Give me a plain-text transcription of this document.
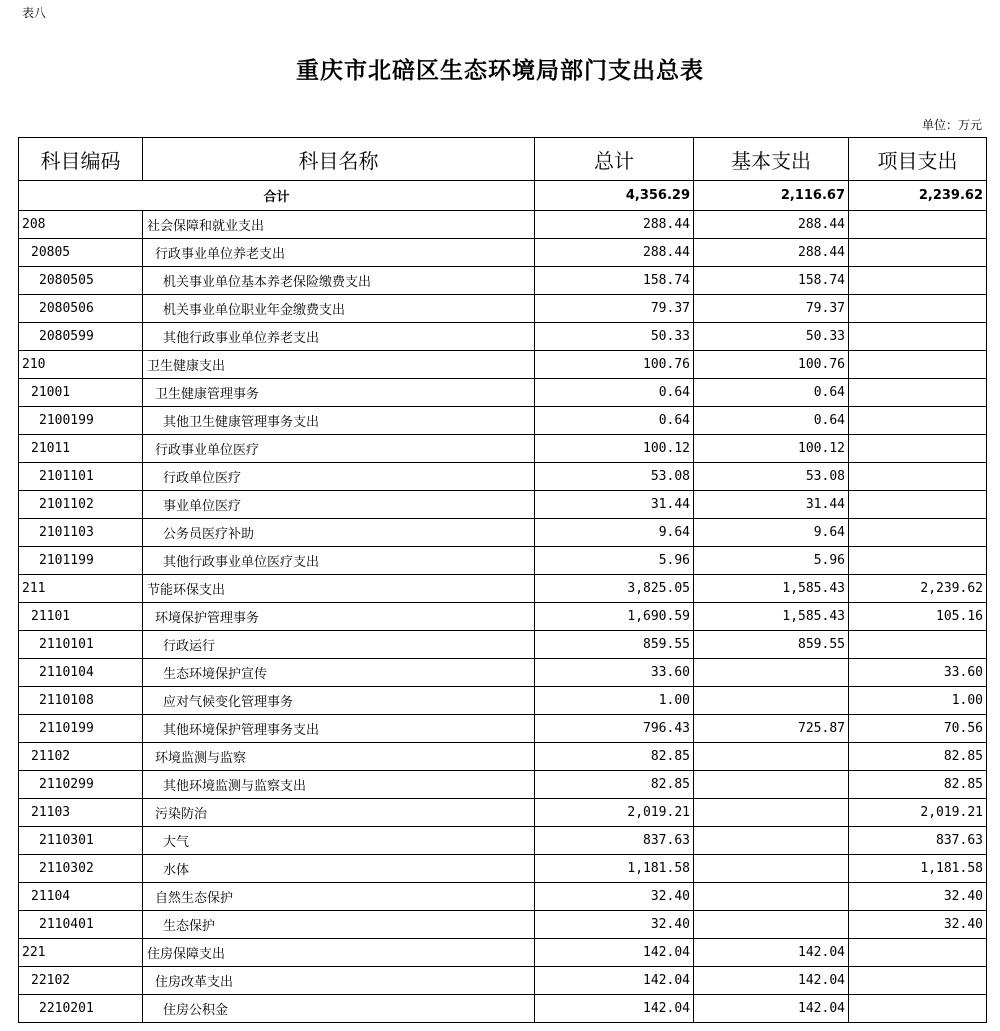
表八
重庆市北碚区生态环境局部门支出总表
单位：万元
科目编码	科目名称	总计	基本支出	项目支出
合计		4,356.29	2,116.67	2,239.62
208	社会保障和就业支出	288.44	288.44	
20805	行政事业单位养老支出	288.44	288.44	
2080505	机关事业单位基本养老保险缴费支出	158.74	158.74	
2080506	机关事业单位职业年金缴费支出	79.37	79.37	
2080599	其他行政事业单位养老支出	50.33	50.33	
210	卫生健康支出	100.76	100.76	
21001	卫生健康管理事务	0.64	0.64	
2100199	其他卫生健康管理事务支出	0.64	0.64	
21011	行政事业单位医疗	100.12	100.12	
2101101	行政单位医疗	53.08	53.08	
2101102	事业单位医疗	31.44	31.44	
2101103	公务员医疗补助	9.64	9.64	
2101199	其他行政事业单位医疗支出	5.96	5.96	
211	节能环保支出	3,825.05	1,585.43	2,239.62
21101	环境保护管理事务	1,690.59	1,585.43	105.16
2110101	行政运行	859.55	859.55	
2110104	生态环境保护宣传	33.60		33.60
2110108	应对气候变化管理事务	1.00		1.00
2110199	其他环境保护管理事务支出	796.43	725.87	70.56
21102	环境监测与监察	82.85		82.85
2110299	其他环境监测与监察支出	82.85		82.85
21103	污染防治	2,019.21		2,019.21
2110301	大气	837.63		837.63
2110302	水体	1,181.58		1,181.58
21104	自然生态保护	32.40		32.40
2110401	生态保护	32.40		32.40
221	住房保障支出	142.04	142.04	
22102	住房改革支出	142.04	142.04	
2210201	住房公积金	142.04	142.04	
